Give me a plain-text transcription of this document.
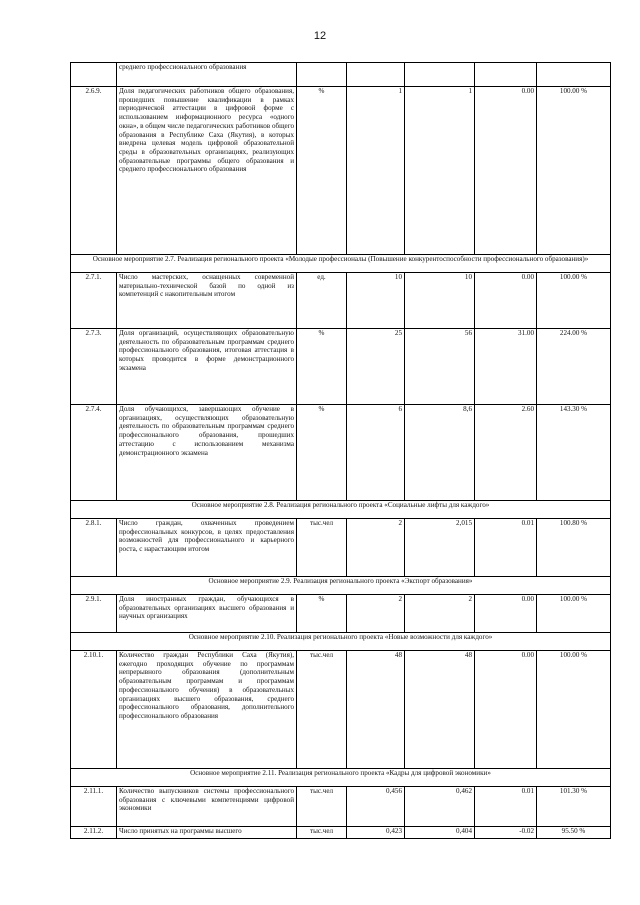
12
	среднего профессионального образования					
2.6.9.	Доля педагогических работников общего образования, прошедших повышение квалификации в рамках периодической аттестации в цифровой форме с использованием информационного ресурса «одного окна», в общем числе педагогических работников общего образования в Республике Саха (Якутия), в которых внедрена целевая модель цифровой образовательной среды в образовательных организациях, реализующих образовательные программы общего образования и среднего профессионального образования	%	1	1	0.00	100.00 %
Основное мероприятие 2.7. Реализация регионального проекта «Молодые профессионалы (Повышение конкурентоспособности профессионального образования)»						
2.7.1.	Число мастерских, оснащенных современной материально-технической базой по одной из компетенций с накопительным итогом	ед.	10	10	0.00	100.00 %
2.7.3.	Доля организаций, осуществляющих образовательную деятельность по образовательным программам среднего профессионального образования, итоговая аттестация в которых проводится в форме демонстрационного экзамена	%	25	56	31.00	224.00 %
2.7.4.	Доля обучающихся, завершающих обучение в организациях, осуществляющих образовательную деятельность по образовательным программам среднего профессионального образования, прошедших аттестацию с использованием механизма демонстрационного экзамена	%	6	8,6	2.60	143.30 %
Основное мероприятие 2.8. Реализация регионального проекта «Социальные лифты для каждого»						
2.8.1.	Число граждан, охваченных проведением профессиональных конкурсов, в целях предоставления возможностей для профессионального и карьерного роста, с нарастающим итогом	тыс.чел	2	2,015	0.01	100.80 %
Основное мероприятие 2.9. Реализация регионального проекта «Экспорт образования»						
2.9.1.	Доля иностранных граждан, обучающихся в образовательных организациях высшего образования и научных организациях	%	2	2	0.00	100.00 %
Основное мероприятие 2.10. Реализация регионального проекта «Новые возможности для каждого»						
2.10.1.	Количество граждан Республики Саха (Якутия), ежегодно проходящих обучение по программам непрерывного образования (дополнительным образовательным программам и программам профессионального обучения) в образовательных организациях высшего образования, среднего профессионального образования, дополнительного профессионального образования	тыс.чел	48	48	0.00	100.00 %
Основное мероприятие 2.11. Реализация регионального проекта «Кадры для цифровой экономики»						
2.11.1.	Количество выпускников системы профессионального образования с ключевыми компетенциями цифровой экономики	тыс.чел	0,456	0,462	0.01	101.30 %
2.11.2.	Число принятых на программы высшего	тыс.чел	0,423	0,404	-0.02	95.50 %
